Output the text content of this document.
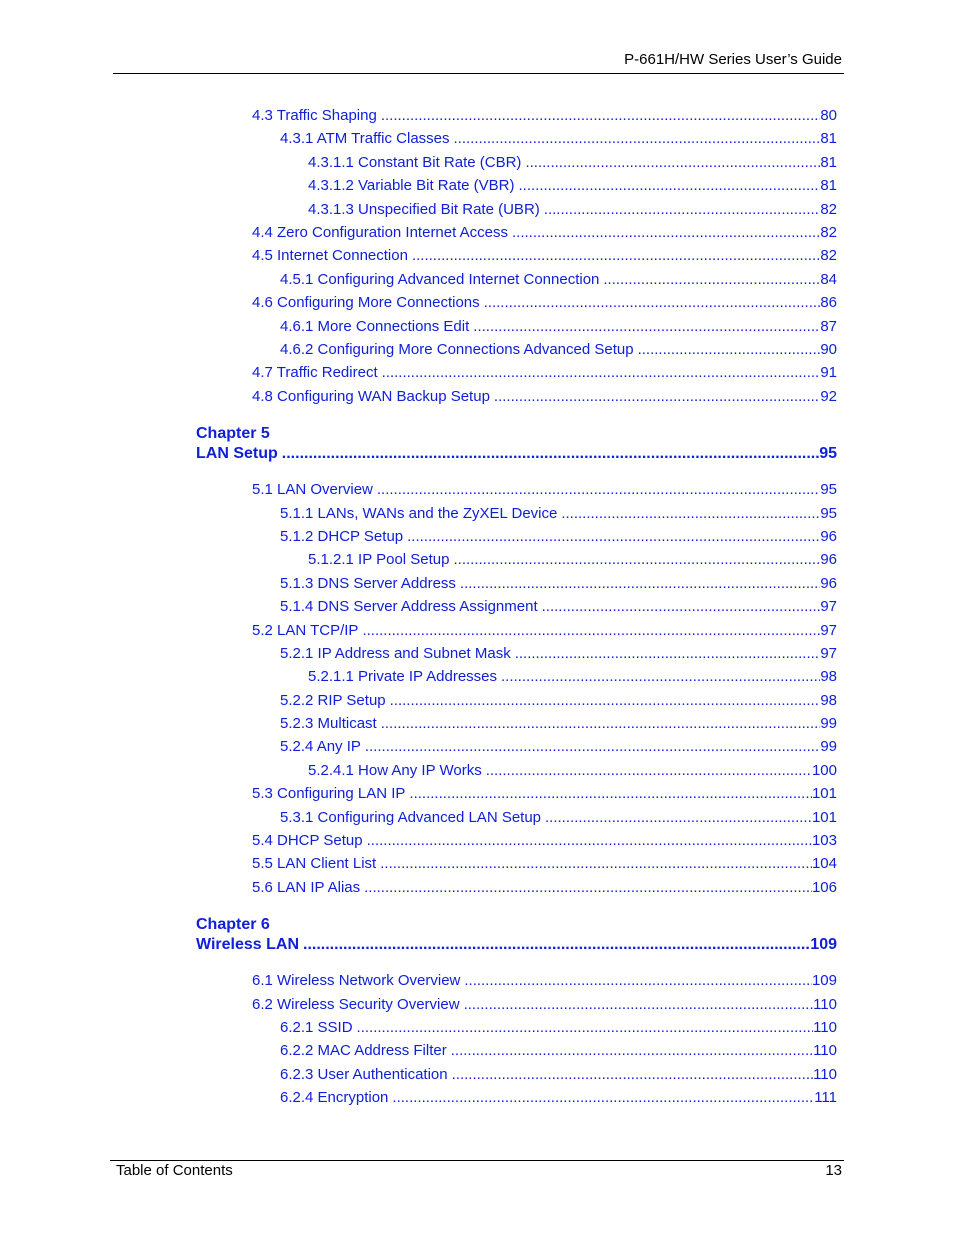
P-661H/HW Series User’s Guide
4.3 Traffic Shaping .....	80
4.3.1 ATM Traffic Classes .....	81
4.3.1.1 Constant Bit Rate (CBR) .....	81
4.3.1.2 Variable Bit Rate (VBR) .....	81
4.3.1.3 Unspecified Bit Rate (UBR) .....	82
4.4 Zero Configuration Internet Access .....	82
4.5 Internet Connection .....	82
4.5.1 Configuring Advanced Internet Connection .....	84
4.6 Configuring More Connections .....	86
4.6.1 More Connections Edit .....	87
4.6.2 Configuring More Connections Advanced Setup .....	90
4.7 Traffic Redirect .....	91
4.8 Configuring WAN Backup Setup .....	92
Chapter 5
LAN Setup .....	95
5.1 LAN Overview .....	95
5.1.1 LANs, WANs and the ZyXEL Device .....	95
5.1.2 DHCP Setup .....	96
5.1.2.1 IP Pool Setup .....	96
5.1.3 DNS Server Address .....	96
5.1.4 DNS Server Address Assignment .....	97
5.2 LAN TCP/IP .....	97
5.2.1 IP Address and Subnet Mask .....	97
5.2.1.1 Private IP Addresses .....	98
5.2.2 RIP Setup .....	98
5.2.3 Multicast .....	99
5.2.4 Any IP .....	99
5.2.4.1 How Any IP Works .....	100
5.3 Configuring LAN IP .....	101
5.3.1 Configuring Advanced LAN Setup .....	101
5.4 DHCP Setup .....	103
5.5 LAN Client List .....	104
5.6 LAN IP Alias .....	106
Chapter 6
Wireless LAN .....	109
6.1 Wireless Network Overview .....	109
6.2 Wireless Security Overview .....	110
6.2.1 SSID .....	110
6.2.2 MAC Address Filter .....	110
6.2.3 User Authentication .....	110
6.2.4 Encryption .....	111
Table of Contents	13
